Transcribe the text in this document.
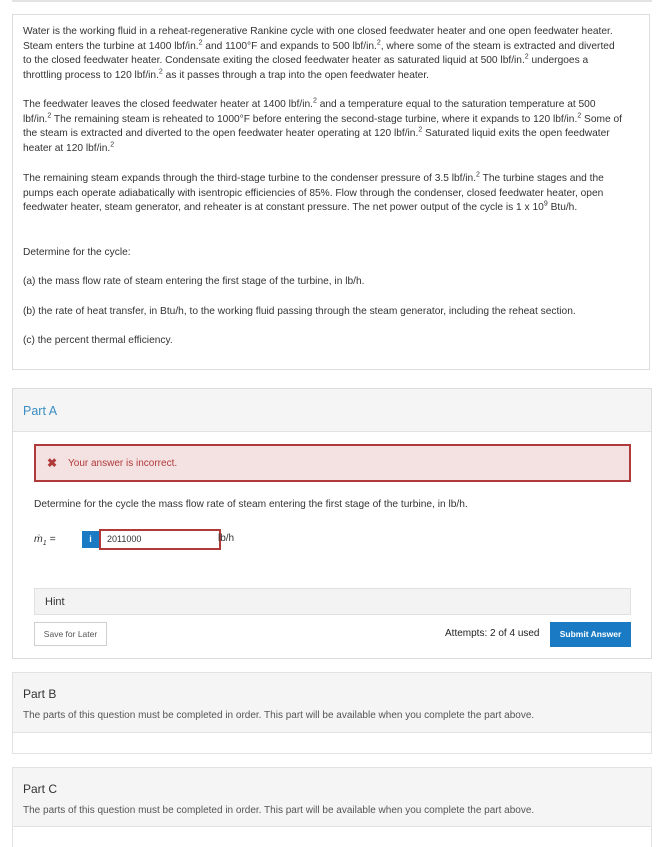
Water is the working fluid in a reheat-regenerative Rankine cycle with one closed feedwater heater and one open feedwater heater.
Steam enters the turbine at 1400 lbf/in.$^2$ and 1100°F and expands to 500 lbf/in.$^2$, where some of the steam is extracted and diverted
to the closed feedwater heater. Condensate exiting the closed feedwater heater as saturated liquid at 500 lbf/in.$^2$ undergoes a
throttling process to 120 lbf/in.$^2$ as it passes through a trap into the open feedwater heater.

The feedwater leaves the closed feedwater heater at 1400 lbf/in.$^2$ and a temperature equal to the saturation temperature at 500
lbf/in.$^2$ The remaining steam is reheated to 1000°F before entering the second-stage turbine, where it expands to 120 lbf/in.$^2$ Some of
the steam is extracted and diverted to the open feedwater heater operating at 120 lbf/in.$^2$ Saturated liquid exits the open feedwater
heater at 120 lbf/in.$^2$

The remaining steam expands through the third-stage turbine to the condenser pressure of 3.5 lbf/in.$^2$ The turbine stages and the
pumps each operate adiabatically with isentropic efficiencies of 85%. Flow through the condenser, closed feedwater heater, open
feedwater heater, steam generator, and reheater is at constant pressure. The net power output of the cycle is 1 x $10^9$ Btu/h.

Determine for the cycle:

(a) the mass flow rate of steam entering the first stage of the turbine, in lb/h.

(b) the rate of heat transfer, in Btu/h, to the working fluid passing through the steam generator, including the reheat section.

(c) the percent thermal efficiency.

Part A
✖ Your answer is incorrect.
Determine for the cycle the mass flow rate of steam entering the first stage of the turbine, in lb/h.
ṁ$_1$ =	i	2011000	lb/h
Hint
Save for Later	Attempts: 2 of 4 used	Submit Answer
Part B
The parts of this question must be completed in order. This part will be available when you complete the part above.
Part C
The parts of this question must be completed in order. This part will be available when you complete the part above.
